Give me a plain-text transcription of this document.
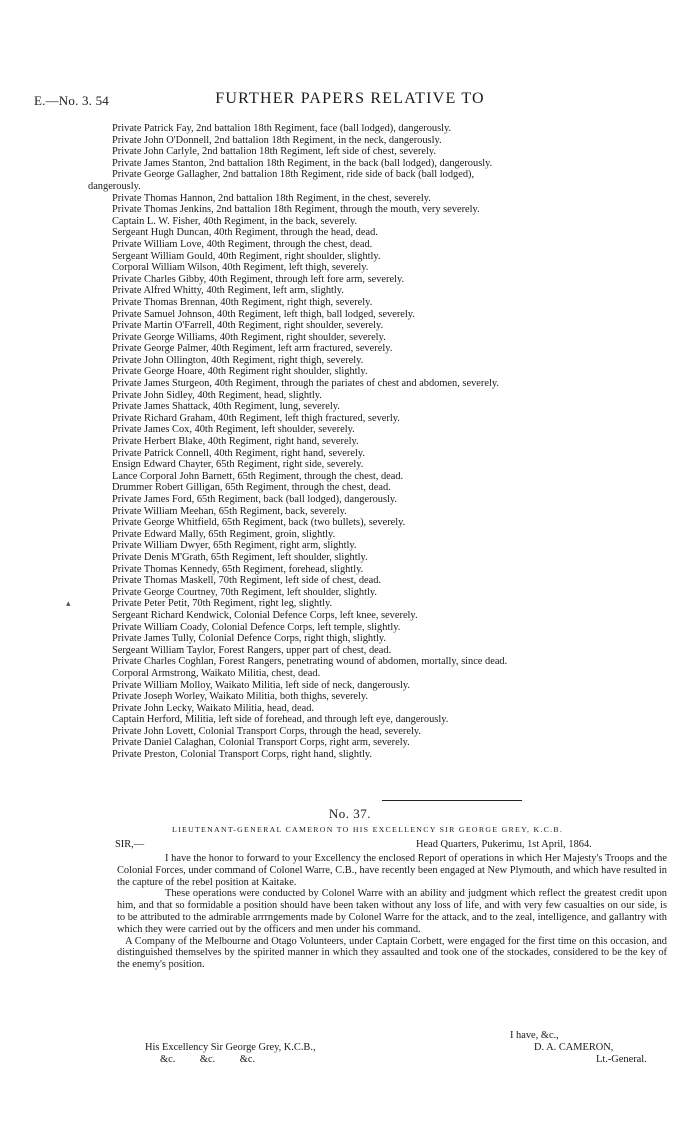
E.—No. 3. 54	FURTHER PAPERS RELATIVE TO
Private Patrick Fay, 2nd battalion 18th Regiment, face (ball lodged), dangerously.
Private John O'Donnell, 2nd battalion 18th Regiment, in the neck, dangerously.
Private John Carlyle, 2nd battalion 18th Regiment, left side of chest, severely.
Private James Stanton, 2nd battalion 18th Regiment, in the back (ball lodged), dangerously.
Private George Gallagher, 2nd battalion 18th Regiment, ride side of back (ball lodged),
dangerously.
Private Thomas Hannon, 2nd battalion 18th Regiment, in the chest, severely.
Private Thomas Jenkins, 2nd battalion 18th Regiment, through the mouth, very severely.
Captain L. W. Fisher, 40th Regiment, in the back, severely.
Sergeant Hugh Duncan, 40th Regiment, through the head, dead.
Private William Love, 40th Regiment, through the chest, dead.
Sergeant William Gould, 40th Regiment, right shoulder, slightly.
Corporal William Wilson, 40th Regiment, left thigh, severely.
Private Charles Gibby, 40th Regiment, through left fore arm, severely.
Private Alfred Whitty, 40th Regiment, left arm, slightly.
Private Thomas Brennan, 40th Regiment, right thigh, severely.
Private Samuel Johnson, 40th Regiment, left thigh, ball lodged, severely.
Private Martin O'Farrell, 40th Regiment, right shoulder, severely.
Private George Williams, 40th Regiment, right shoulder, severely.
Private George Palmer, 40th Regiment, left arm fractured, severely.
Private John Ollington, 40th Regiment, right thigh, severely.
Private George Hoare, 40th Regiment right shoulder, slightly.
Private James Sturgeon, 40th Regiment, through the pariates of chest and abdomen, severely.
Private John Sidley, 40th Regiment, head, slightly.
Private James Shattack, 40th Regiment, lung, severely.
Private Richard Graham, 40th Regiment, left thigh fractured, severly.
Private James Cox, 40th Regiment, left shoulder, severely.
Private Herbert Blake, 40th Regiment, right hand, severely.
Private Patrick Connell, 40th Regiment, right hand, severely.
Ensign Edward Chayter, 65th Regiment, right side, severely.
Lance Corporal John Barnett, 65th Regiment, through the chest, dead.
Drummer Robert Gilligan, 65th Regiment, through the chest, dead.
Private James Ford, 65th Regiment, back (ball lodged), dangerously.
Private William Meehan, 65th Regiment, back, severely.
Private George Whitfield, 65th Regiment, back (two bullets), severely.
Private Edward Mally, 65th Regiment, groin, slightly.
Private William Dwyer, 65th Regiment, right arm, slightly.
Private Denis M'Grath, 65th Regiment, left shoulder, slightly.
Private Thomas Kennedy, 65th Regiment, forehead, slightly.
Private Thomas Maskell, 70th Regiment, left side of chest, dead.
Private George Courtney, 70th Regiment, left shoulder, slightly.
Private Peter Petit, 70th Regiment, right leg, slightly.
Sergeant Richard Kendwick, Colonial Defence Corps, left knee, severely.
Private William Coady, Colonial Defence Corps, left temple, slightly.
Private James Tully, Colonial Defence Corps, right thigh, slightly.
Sergeant William Taylor, Forest Rangers, upper part of chest, dead.
Private Charles Coghlan, Forest Rangers, penetrating wound of abdomen, mortally, since dead.
Corporal Armstrong, Waikato Militia, chest, dead.
Private William Molloy, Waikato Militia, left side of neck, dangerously.
Private Joseph Worley, Waikato Militia, both thighs, severely.
Private John Lecky, Waikato Militia, head, dead.
Captain Herford, Militia, left side of forehead, and through left eye, dangerously.
Private John Lovett, Colonial Transport Corps, through the head, severely.
Private Daniel Calaghan, Colonial Transport Corps, right arm, severely.
Private Preston, Colonial Transport Corps, right hand, slightly.
▴
No. 37.
LIEUTENANT-GENERAL CAMERON TO HIS EXCELLENCY SIR GEORGE GREY, K.C.B.
SIR,—	Head Quarters, Pukerimu, 1st April, 1864.

I have the honor to forward to your Excellency the enclosed Report of operations in which Her Majesty's Troops and the Colonial Forces, under command of Colonel Warre, C.B., have recently been engaged at New Plymouth, and which have resulted in the capture of the rebel position at Kaitake.

These operations were conducted by Colonel Warre with an ability and judgment which reflect the greatest credit upon him, and that so formidable a position should have been taken without any loss of life, and with very few casualties on our side, is to be attributed to the admirable arrrngements made by Colonel Warre for the attack, and to the zeal, intelligence, and gallantry with which they were carried out by the officers and men under his command.

A Company of the Melbourne and Otago Volunteers, under Captain Corbett, were engaged for the first time on this occasion, and distinguished themselves by the spirited manner in which they assaulted and took one of the stockades, considered to be the key of the enemy's position.

I have, &c.,
His Excellency Sir George Grey, K.C.B.,	D. A. CAMERON,
&c. &c. &c.	Lt.-General.
